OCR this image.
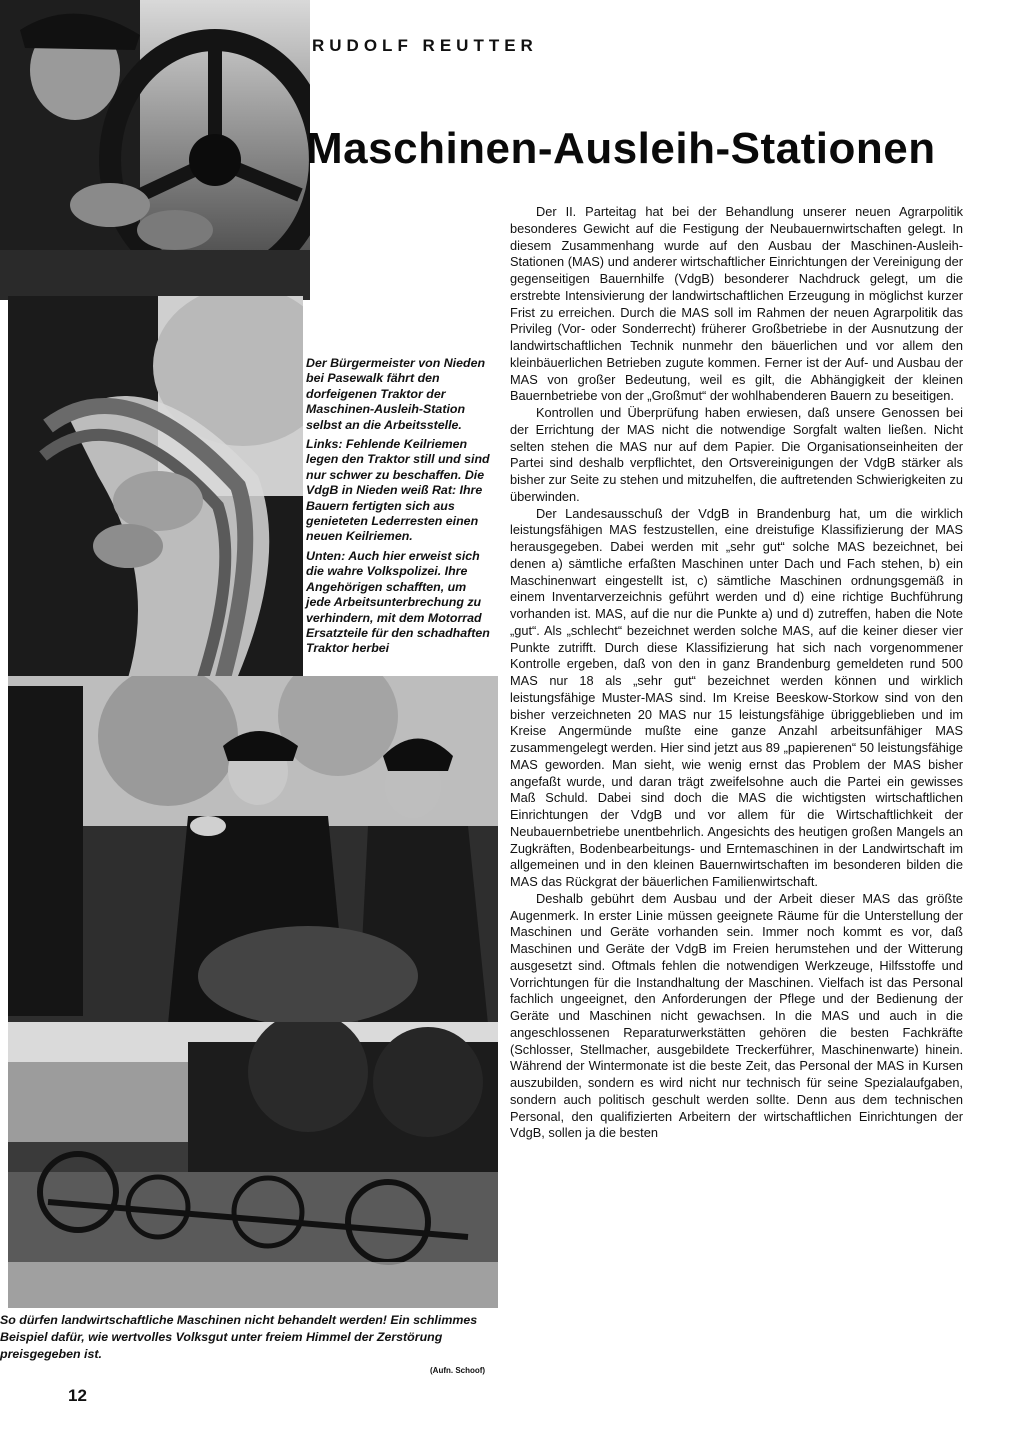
RUDOLF REUTTER
Maschinen-Ausleih-Stationen

Der Bürgermeister von Nieden bei Pasewalk fährt den dorfeigenen Traktor der Maschinen-Ausleih-Station selbst an die Arbeitsstelle.

Links: Fehlende Keilriemen legen den Traktor still und sind nur schwer zu beschaffen. Die VdgB in Nieden weiß Rat: Ihre Bauern fertigten sich aus genieteten Lederresten einen neuen Keilriemen.

Unten: Auch hier erweist sich die wahre Volkspolizei. Ihre Angehörigen schafften, um jede Arbeitsunterbrechung zu verhindern, mit dem Motorrad Ersatzteile für den schadhaften Traktor herbei

So dürfen landwirtschaftliche Maschinen nicht behandelt werden! Ein schlimmes Beispiel dafür, wie wertvolles Volksgut unter freiem Himmel der Zerstörung preisgegeben ist.
(Aufn. Schoof)

Der II. Parteitag hat bei der Behandlung unserer neuen Agrarpolitik besonderes Gewicht auf die Festigung der Neubauernwirtschaften gelegt. In diesem Zusammenhang wurde auf den Ausbau der Maschinen-Ausleih-Stationen (MAS) und anderer wirtschaftlicher Einrichtungen der Vereinigung der gegenseitigen Bauernhilfe (VdgB) besonderer Nachdruck gelegt, um die erstrebte Intensivierung der landwirtschaftlichen Erzeugung in möglichst kurzer Frist zu erreichen. Durch die MAS soll im Rahmen der neuen Agrarpolitik das Privileg (Vor- oder Sonderrecht) früherer Großbetriebe in der Ausnutzung der landwirtschaftlichen Technik nunmehr den bäuerlichen und vor allem den kleinbäuerlichen Betrieben zugute kommen. Ferner ist der Auf- und Ausbau der MAS von großer Bedeutung, weil es gilt, die Abhängigkeit der kleinen Bauernbetriebe von der „Großmut“ der wohlhabenderen Bauern zu beseitigen.

Kontrollen und Überprüfung haben erwiesen, daß unsere Genossen bei der Errichtung der MAS nicht die notwendige Sorgfalt walten ließen. Nicht selten stehen die MAS nur auf dem Papier. Die Organisationseinheiten der Partei sind deshalb verpflichtet, den Ortsvereinigungen der VdgB stärker als bisher zur Seite zu stehen und mitzuhelfen, die auftretenden Schwierigkeiten zu überwinden.

Der Landesausschuß der VdgB in Brandenburg hat, um die wirklich leistungsfähigen MAS festzustellen, eine dreistufige Klassifizierung der MAS herausgegeben. Dabei werden mit „sehr gut“ solche MAS bezeichnet, bei denen a) sämtliche erfaßten Maschinen unter Dach und Fach stehen, b) ein Maschinenwart eingestellt ist, c) sämtliche Maschinen ordnungsgemäß in einem Inventarverzeichnis geführt werden und d) eine richtige Buchführung vorhanden ist. MAS, auf die nur die Punkte a) und d) zutreffen, haben die Note „gut“. Als „schlecht“ bezeichnet werden solche MAS, auf die keiner dieser vier Punkte zutrifft. Durch diese Klassifizierung hat sich nach vorgenommener Kontrolle ergeben, daß von den in ganz Brandenburg gemeldeten rund 500 MAS nur 18 als „sehr gut“ bezeichnet werden können und wirklich leistungsfähige Muster-MAS sind. Im Kreise Beeskow-Storkow sind von den bisher verzeichneten 20 MAS nur 15 leistungsfähige übriggeblieben und im Kreise Angermünde mußte eine ganze Anzahl arbeitsunfähiger MAS zusammengelegt werden. Hier sind jetzt aus 89 „papierenen“ 50 leistungsfähige MAS geworden. Man sieht, wie wenig ernst das Problem der MAS bisher angefaßt wurde, und daran trägt zweifelsohne auch die Partei ein gewisses Maß Schuld. Dabei sind doch die MAS die wichtigsten wirtschaftlichen Einrichtungen der VdgB und vor allem für die Wirtschaftlichkeit der Neubauernbetriebe unentbehrlich. Angesichts des heutigen großen Mangels an Zugkräften, Bodenbearbeitungs- und Erntemaschinen in der Landwirtschaft im allgemeinen und in den kleinen Bauernwirtschaften im besonderen bilden die MAS das Rückgrat der bäuerlichen Familienwirtschaft.

Deshalb gebührt dem Ausbau und der Arbeit dieser MAS das größte Augenmerk. In erster Linie müssen geeignete Räume für die Unterstellung der Maschinen und Geräte vorhanden sein. Immer noch kommt es vor, daß Maschinen und Geräte der VdgB im Freien herumstehen und der Witterung ausgesetzt sind. Oftmals fehlen die notwendigen Werkzeuge, Hilfsstoffe und Vorrichtungen für die Instandhaltung der Maschinen. Vielfach ist das Personal fachlich ungeeignet, den Anforderungen der Pflege und der Bedienung der Geräte und Maschinen nicht gewachsen. In die MAS und auch in die angeschlossenen Reparaturwerkstätten gehören die besten Fachkräfte (Schlosser, Stellmacher, ausgebildete Treckerführer, Maschinenwarte) hinein. Während der Wintermonate ist die beste Zeit, das Personal der MAS in Kursen auszubilden, sondern es wird nicht nur technisch für seine Spezialaufgaben, sondern auch politisch geschult werden sollte. Denn aus dem technischen Personal, den qualifizierten Arbeitern der wirtschaftlichen Einrichtungen der VdgB, sollen ja die besten

12
